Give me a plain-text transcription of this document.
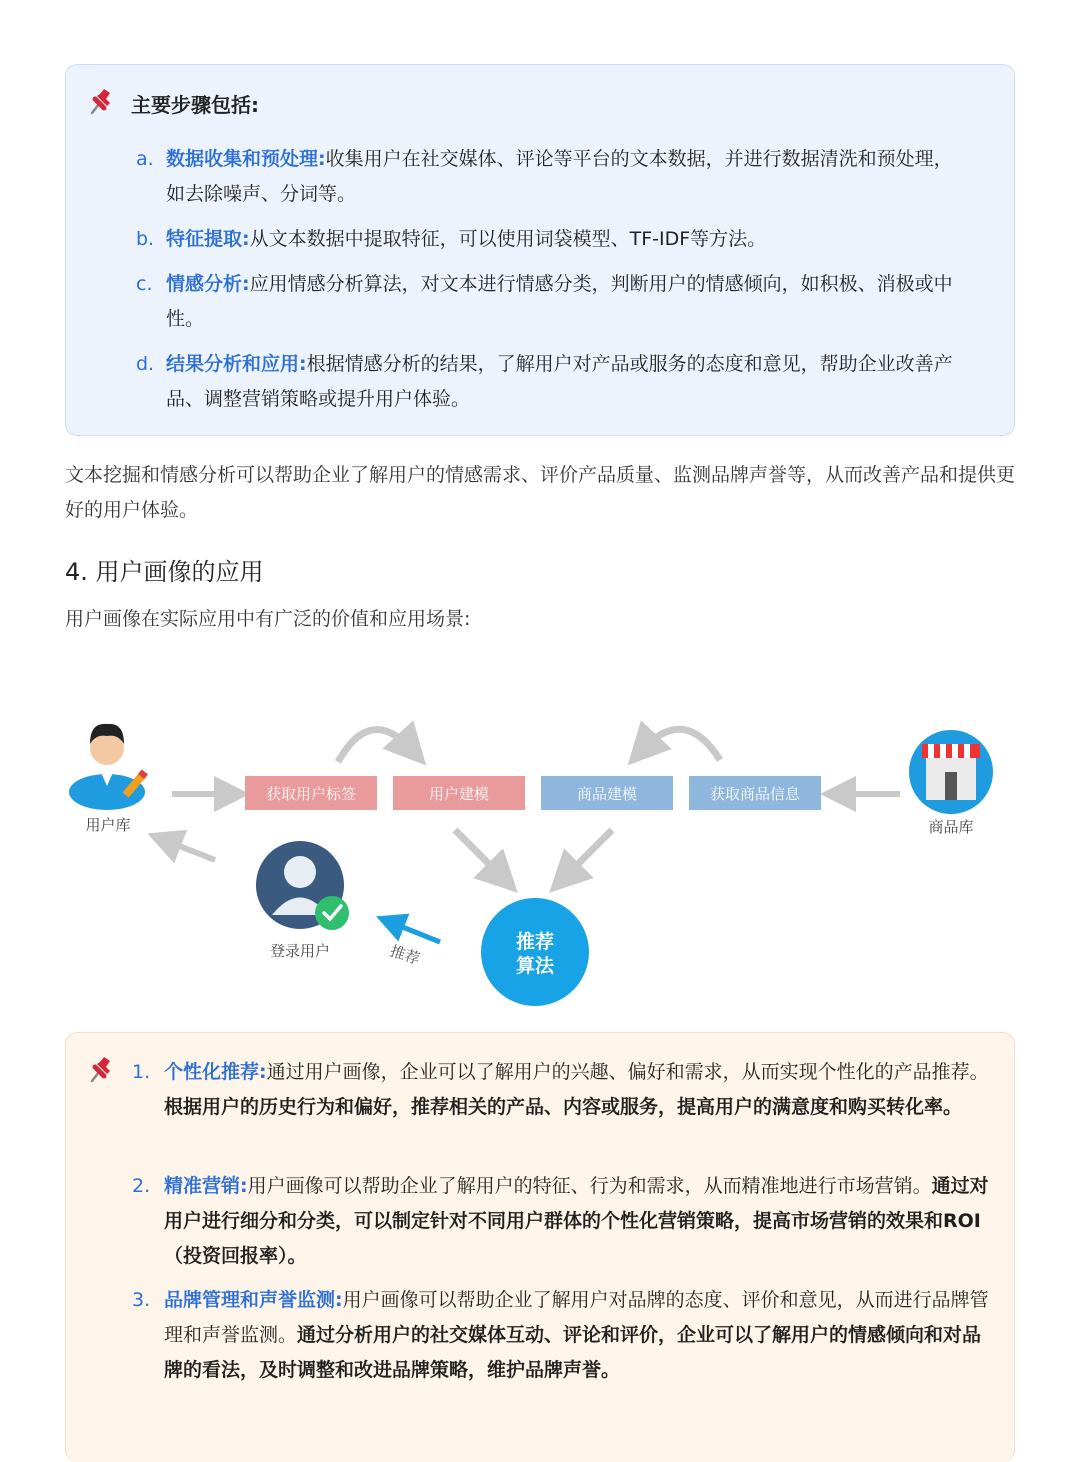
主要步骤包括:
a. 数据收集和预处理:收集用户在社交媒体、评论等平台的文本数据，并进行数据清洗和预处理，如去除噪声、分词等。
b. 特征提取:从文本数据中提取特征，可以使用词袋模型、TF-IDF等方法。
c. 情感分析:应用情感分析算法，对文本进行情感分类，判断用户的情感倾向，如积极、消极或中性。
d. 结果分析和应用:根据情感分析的结果，了解用户对产品或服务的态度和意见，帮助企业改善产品、调整营销策略或提升用户体验。
文本挖掘和情感分析可以帮助企业了解用户的情感需求、评价产品质量、监测品牌声誉等，从而改善产品和提供更好的用户体验。
4. 用户画像的应用
用户画像在实际应用中有广泛的价值和应用场景:
用户库	商品库
获取用户标签	用户建模	商品建模	获取商品信息
登录用户	推荐	推荐
算法
1. 个性化推荐:通过用户画像，企业可以了解用户的兴趣、偏好和需求，从而实现个性化的产品推荐。根据用户的历史行为和偏好，推荐相关的产品、内容或服务，提高用户的满意度和购买转化率。
2. 精准营销:用户画像可以帮助企业了解用户的特征、行为和需求，从而精准地进行市场营销。通过对用户进行细分和分类，可以制定针对不同用户群体的个性化营销策略，提高市场营销的效果和ROI（投资回报率）。
3. 品牌管理和声誉监测:用户画像可以帮助企业了解用户对品牌的态度、评价和意见，从而进行品牌管理和声誉监测。通过分析用户的社交媒体互动、评论和评价，企业可以了解用户的情感倾向和对品牌的看法，及时调整和改进品牌策略，维护品牌声誉。
